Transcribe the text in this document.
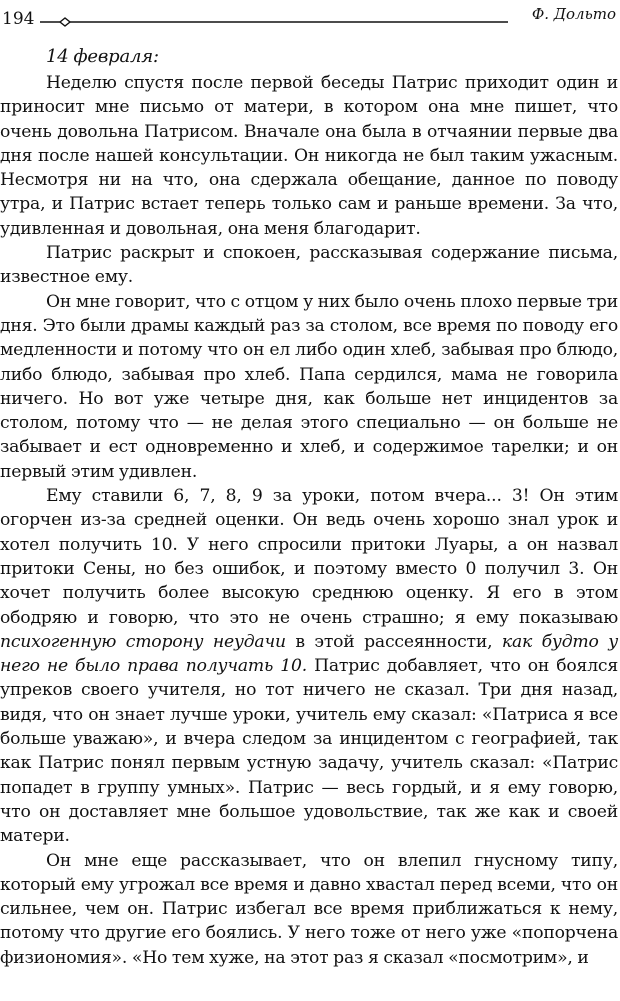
194	Ф. Дольто
14 февраля:

Неделю спустя после первой беседы Патрис приходит один и приносит мне письмо от матери, в котором она мне пишет, что очень довольна Патрисом. Вначале она была в отчаянии первые два дня после нашей консультации. Он никогда не был таким ужасным. Несмотря ни на что, она сдержала обещание, данное по поводу утра, и Патрис встает теперь только сам и раньше времени. За что, удивленная и довольная, она меня благодарит.

Патрис раскрыт и спокоен, рассказывая содержание письма, известное ему.

Он мне говорит, что с отцом у них было очень плохо первые три дня. Это были драмы каждый раз за столом, все время по поводу его медленности и потому что он ел либо один хлеб, забывая про блюдо, либо блюдо, забывая про хлеб. Папа сердился, мама не говорила ничего. Но вот уже четыре дня, как больше нет инцидентов за столом, потому что — не делая этого специально — он больше не забывает и ест одновременно и хлеб, и содержимое тарелки; и он первый этим удивлен.

Ему ставили 6, 7, 8, 9 за уроки, потом вчера... 3! Он этим огорчен из-за средней оценки. Он ведь очень хорошо знал урок и хотел получить 10. У него спросили притоки Луары, а он назвал притоки Сены, но без ошибок, и поэтому вместо 0 получил 3. Он хочет получить более высокую среднюю оценку. Я его в этом ободряю и говорю, что это не очень страшно; я ему показываю психогенную сторону неудачи в этой рассеянности, как будто у него не было права получать 10. Патрис добавляет, что он боялся упреков своего учителя, но тот ничего не сказал. Три дня назад, видя, что он знает лучше уроки, учитель ему сказал: «Патриса я все больше уважаю», и вчера следом за инцидентом с географией, так как Патрис понял первым устную задачу, учитель сказал: «Патрис попадет в группу умных». Патрис — весь гордый, и я ему говорю, что он доставляет мне большое удовольствие, так же как и своей матери.

Он мне еще рассказывает, что он влепил гнусному типу, который ему угрожал все время и давно хвастал перед всеми, что он сильнее, чем он. Патрис избегал все время приближаться к нему, потому что другие его боялись. У него тоже от него уже «попорчена физиономия». «Но тем хуже, на этот раз я сказал «посмотрим», и
